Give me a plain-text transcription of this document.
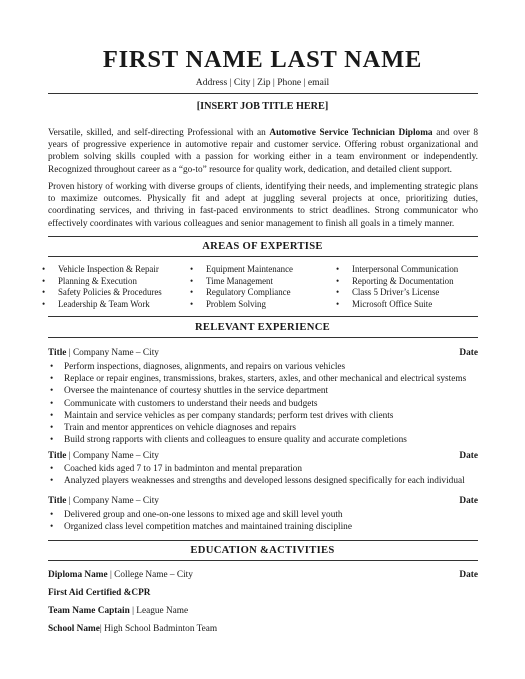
FIRST NAME LAST NAME
Address | City | Zip | Phone | email
[INSERT JOB TITLE HERE]
Versatile, skilled, and self-directing Professional with an Automotive Service Technician Diploma and over 8 years of progressive experience in automotive repair and customer service. Offering robust organizational and problem solving skills coupled with a passion for working either in a team environment or independently. Recognized throughout career as a “go-to” resource for quality work, dedication, and detailed client support.
Proven history of working with diverse groups of clients, identifying their needs, and implementing strategic plans to maximize outcomes. Physically fit and adept at juggling several projects at once, prioritizing duties, coordinating services, and thriving in fast-paced environments to strict deadlines. Strong communicator who effectively coordinates with various colleagues and senior management to finish all goals in a timely manner.
AREAS OF EXPERTISE
• Vehicle Inspection & Repair
• Planning & Execution
• Safety Policies & Procedures
• Leadership & Team Work
• Equipment Maintenance
• Time Management
• Regulatory Compliance
• Problem Solving
• Interpersonal Communication
• Reporting & Documentation
• Class 5 Driver’s License
• Microsoft Office Suite
RELEVANT EXPERIENCE
Title | Company Name – City	Date
• Perform inspections, diagnoses, alignments, and repairs on various vehicles
• Replace or repair engines, transmissions, brakes, starters, axles, and other mechanical and electrical systems
• Oversee the maintenance of courtesy shuttles in the service department
• Communicate with customers to understand their needs and budgets
• Maintain and service vehicles as per company standards; perform test drives with clients
• Train and mentor apprentices on vehicle diagnoses and repairs
• Build strong rapports with clients and colleagues to ensure quality and accurate completions
Title | Company Name – City	Date
• Coached kids aged 7 to 17 in badminton and mental preparation
• Analyzed players weaknesses and strengths and developed lessons designed specifically for each individual
Title | Company Name – City	Date
• Delivered group and one-on-one lessons to mixed age and skill level youth
• Organized class level competition matches and maintained training discipline
EDUCATION &ACTIVITIES
Diploma Name | College Name – City	Date
First Aid Certified &CPR
Team Name Captain | League Name
School Name| High School Badminton Team
